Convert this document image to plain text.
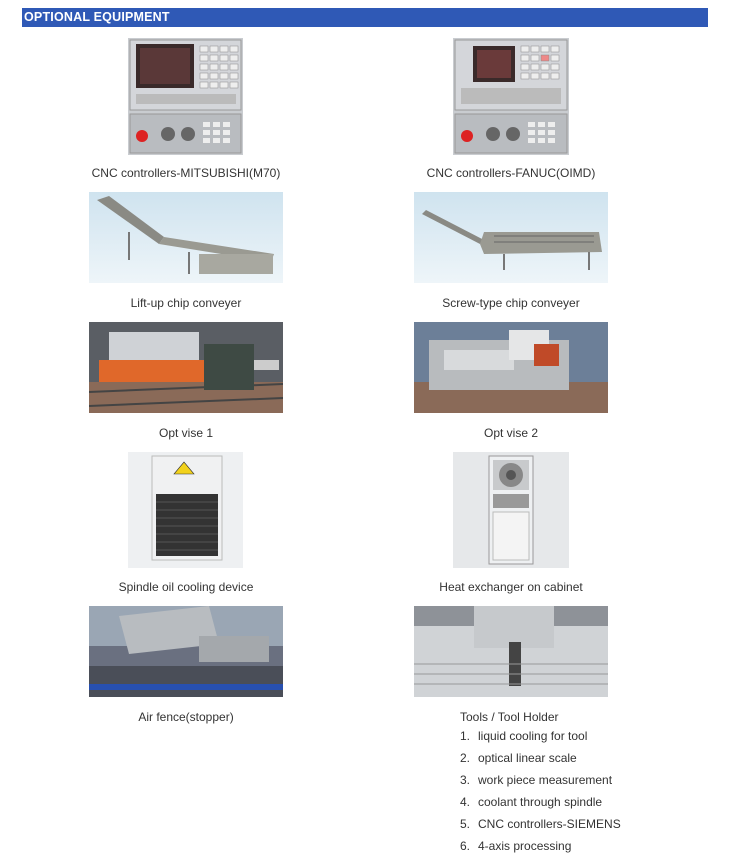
OPTIONAL EQUIPMENT
CNC controllers-MITSUBISHI(M70)	CNC controllers-FANUC(OIMD)
Lift-up chip conveyer	Screw-type chip conveyer
Opt vise 1	Opt vise 2
Spindle oil cooling device	Heat exchanger on cabinet
Air fence(stopper)	Tools / Tool Holder
1. liquid cooling for tool
2. optical linear scale
3. work piece measurement
4. coolant through spindle
5. CNC controllers-SIEMENS
6. 4-axis processing
